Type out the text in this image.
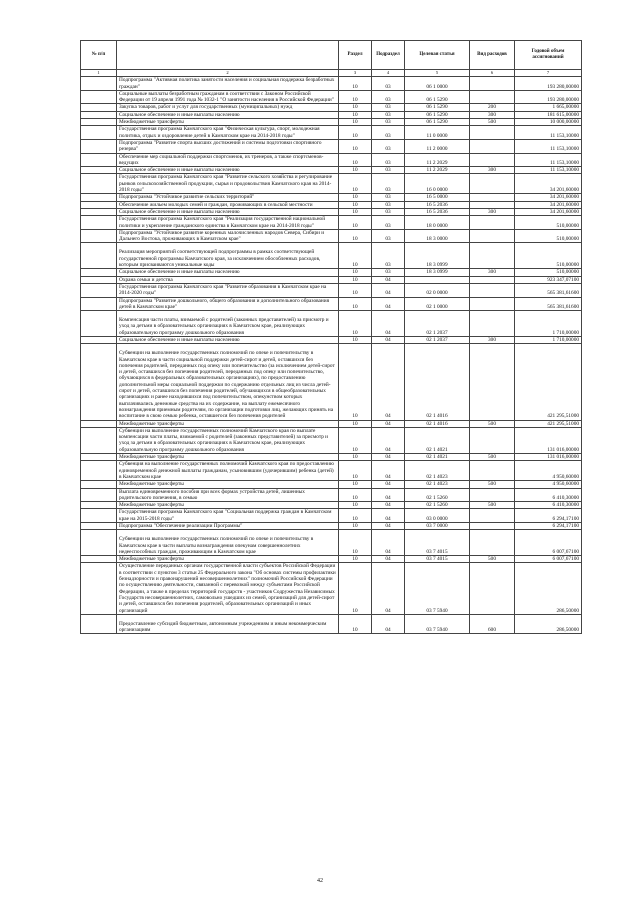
№ п/п		Раздел	Подраздел	Целевая статья	Вид расходов	Годовой объем ассигнований
1	2	3	4	5	6	7
	Подпрограмма "Активная политика занятости населения и социальная поддержка безработных граждан"	10	03	06 1 0000		193 280,00000
	Социальные выплаты безработным гражданам в соответствии с Законом Российской Федерации от 19 апреля 1991 года № 1032-1 "О занятости населения в Российской Федерации"	10	03	06 1 5290		193 280,00000
	Закупка товаров, работ и услуг для государственных (муниципальных) нужд	10	03	06 1 5290	200	1 665,00000
	Социальное обеспечение и иные выплаты населению	10	03	06 1 5290	300	181 615,00000
	Межбюджетные трансферты	10	03	06 1 5290	500	10 000,00000
	Государственная программа Камчатского края "Физическая культура, спорт, молодежная политика, отдых и оздоровление детей в Камчатском крае на 2014-2018 годы"	10	03	11 0 0000		11 153,10000
	Подпрограмма "Развитие спорта высших достижений и системы подготовки спортивного резерва"	10	03	11 2 0000		11 153,10000
	Обеспечение мер социальной поддержки спортсменов, их тренеров, а также спортсменов-ведущих	10	03	11 2 2029		11 153,10000
	Социальное обеспечение и иные выплаты населению	10	03	11 2 2029	300	11 153,10000
	Государственная программа Камчатского края "Развитие сельского хозяйства и регулирование рынков сельскохозяйственной продукции, сырья и продовольствия Камчатского края на 2014-2018 годы"	10	03	16 0 0000		34 201,60000
	Подпрограмма "Устойчивое развитие сельских территорий"	10	03	16 5 0000		34 201,60000
	Обеспечение жильем молодых семей и граждан, проживающих в сельской местности	10	03	16 5 2036		34 201,60000
	Социальное обеспечение и иные выплаты населению	10	03	16 5 2036	300	34 201,60000
	Государственная программа Камчатского края "Реализация государственной национальной политики и укрепление гражданского единства в Камчатском крае на 2014-2018 годы"	10	03	18 0 0000		510,00000
	Подпрограмма "Устойчивое развитие коренных малочисленных народов Севера, Сибири и Дальнего Востока, проживающих в Камчатском крае"	10	03	18 3 0000		510,00000

Реализация мероприятий соответствующей подпрограммы в рамках соответствующей государственной программы Камчатского края, за исключением обособленных расходов, которым присваиваются уникальные коды	10	03	18 3 0999		510,00000
	Социальное обеспечение и иные выплаты населению	10	03	18 3 0999	300	510,00000
	Охрана семьи и детства	10	04			923 347,07100
	Государственная программа Камчатского края "Развитие образования в Камчатском крае на 2014-2020 годы"	10	04	02 0 0000		565 381,61600
	Подпрограмма "Развитие дошкольного, общего образования и дополнительного образования детей в Камчатском крае"	10	04	02 1 0000		565 381,61600

Компенсация части платы, взимаемой с родителей (законных представителей) за присмотр и уход за детьми в образовательных организациях в Камчатском крае, реализующих образовательную программу дошкольного образования	10	04	02 1 2037		1 710,00000
	Социальное обеспечение и иные выплаты населению	10	04	02 1 2037	300	1 710,00000

Субвенции на выполнение государственных полномочий по опеке и попечительству в Камчатском крае в части социальной поддержки детей-сирот и детей, оставшихся без попечения родителей, переданных под опеку или попечительство (за исключением детей-сирот и детей, оставшихся без попечения родителей, переданных под опеку или попечительство, обучающихся в федеральных образовательных организациях), по предоставлению дополнительной меры социальной поддержки по содержанию отдельных лиц из числа детей-сирот и детей, оставшихся без попечения родителей, обучающихся в общеобразовательных организациях и ранее находившихся под попечительством, опекунством которых выплачивались денежные средства на их содержание, на выплату ежемесячного вознаграждения приемным родителям, по организации подготовки лиц, желающих принять на воспитание в свою семью ребенка, оставшегося без попечения родителей	10	04	02 1 4016		421 295,51000
	Межбюджетные трансферты	10	04	02 1 4016	500	421 295,51000
	Субвенции на выполнение государственных полномочий Камчатского края по выплате компенсации части платы, взимаемой с родителей (законных представителей) за присмотр и уход за детьми в образовательных организациях в Камчатском крае, реализующих образовательную программу дошкольного образования	10	04	02 1 4021		131 016,00000
	Межбюджетные трансферты	10	04	02 1 4021	500	131 016,00000
	Субвенция на выполнение государственных полномочий Камчатского края по предоставлению единовременной денежной выплаты гражданам, усыновившим (удочерившим) ребенка (детей) в Камчатском крае	10	04	02 1 4023		4 950,60000
	Межбюджетные трансферты	10	04	02 1 4023	500	4 950,60000
	Выплата единовременного пособия при всех формах устройства детей, лишенных родительского попечения, в семью	10	04	02 1 5260		6 410,30000
	Межбюджетные трансферты	10	04	02 1 5260	500	6 410,30000
	Государственная программа Камчатского края "Социальная поддержка граждан в Камчатском крае на 2015-2018 годы"	10	04	03 0 0000		6 294,17100
	Подпрограмма "Обеспечение реализации Программы"	10	04	03 7 0000		6 294,17100

Субвенции на выполнение государственных полномочий по опеке и попечительству в Камчатском крае в части выплаты вознаграждения опекунам совершеннолетних недееспособных граждан, проживающим в Камчатском крае	10	04	03 7 4015		6 007,67100
	Межбюджетные трансферты	10	04	03 7 4015	500	6 007,67100
	Осуществление переданных органам государственной власти субъектов Российской Федерации в соответствии с пунктом 3 статьи 25 Федерального закона "Об основах системы профилактики безнадзорности и правонарушений несовершеннолетних" полномочий Российской Федерации по осуществлению деятельности, связанной с перевозкой между субъектами Российской Федерации, а также в пределах территорий государств - участников Содружества Независимых Государств несовершеннолетних, самовольно ушедших из семей, организаций для детей-сирот и детей, оставшихся без попечения родителей, образовательных организаций и иных организаций	10	04	03 7 5940		286,50000

Предоставление субсидий бюджетным, автономным учреждениям и иным некоммерческим организациям	10	04	03 7 5940	600	286,50000
42
